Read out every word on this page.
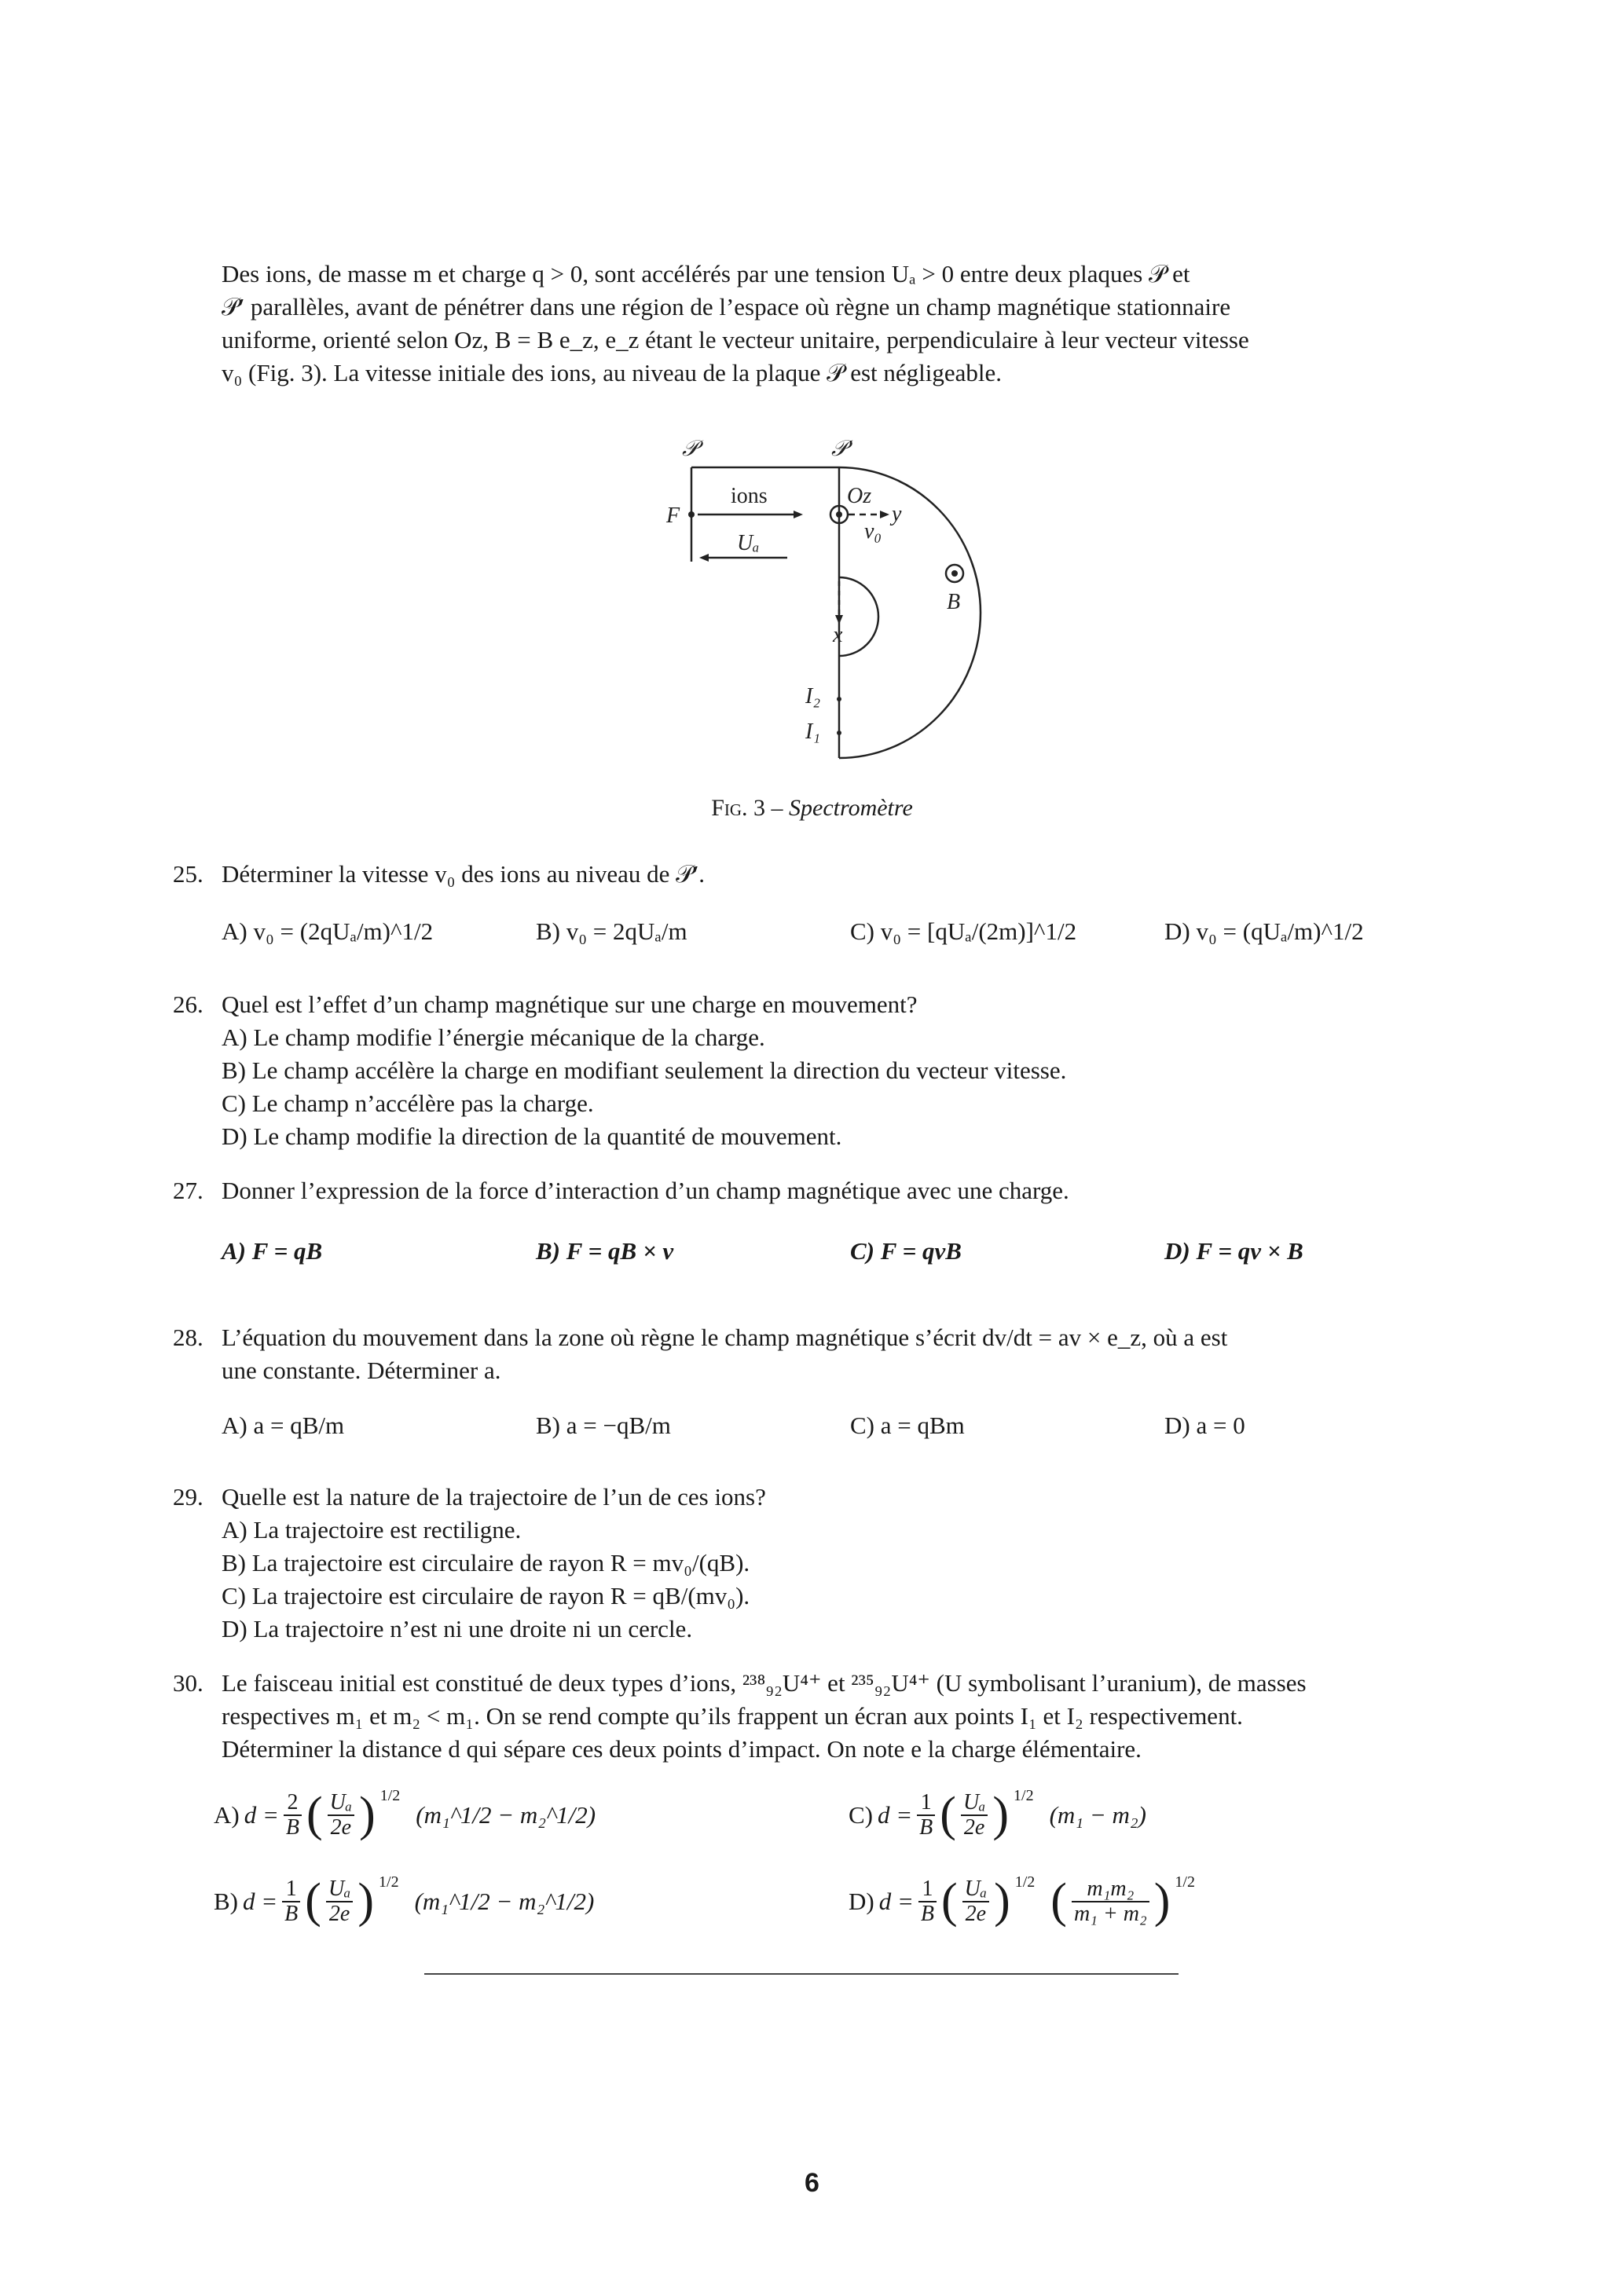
Des ions, de masse m et charge q > 0, sont accélérés par une tension Uₐ > 0 entre deux plaques 𝒫 et
𝒫′ parallèles, avant de pénétrer dans une région de l’espace où règne un champ magnétique stationnaire
uniforme, orienté selon Oz, B = B e_z, e_z étant le vecteur unitaire, perpendiculaire à leur vecteur vitesse
v₀ (Fig. 3). La vitesse initiale des ions, au niveau de la plaque 𝒫 est négligeable.
𝒫	𝒫′
F
ions
Uₐ
Oz
y
v₀
B
x
I₂
I₁
Fig. 3 – Spectromètre
25. Déterminer la vitesse v₀ des ions au niveau de 𝒫′.
A) v₀ = (2qUₐ/m)^1/2	B) v₀ = 2qUₐ/m	C) v₀ = [qUₐ/(2m)]^1/2	D) v₀ = (qUₐ/m)^1/2
26. Quel est l’effet d’un champ magnétique sur une charge en mouvement?
A) Le champ modifie l’énergie mécanique de la charge.
B) Le champ accélère la charge en modifiant seulement la direction du vecteur vitesse.
C) Le champ n’accélère pas la charge.
D) Le champ modifie la direction de la quantité de mouvement.
27. Donner l’expression de la force d’interaction d’un champ magnétique avec une charge.
A) F = qB	B) F = qB × v	C) F = qvB	D) F = qv × B
28. L’équation du mouvement dans la zone où règne le champ magnétique s’écrit dv/dt = av × e_z, où a est
une constante. Déterminer a.
A) a = qB/m	B) a = −qB/m	C) a = qBm	D) a = 0
29. Quelle est la nature de la trajectoire de l’un de ces ions?
A) La trajectoire est rectiligne.
B) La trajectoire est circulaire de rayon R = mv₀/(qB).
C) La trajectoire est circulaire de rayon R = qB/(mv₀).
D) La trajectoire n’est ni une droite ni un cercle.
30. Le faisceau initial est constitué de deux types d’ions, ²³⁸₉₂U⁴⁺ et ²³⁵₉₂U⁴⁺ (U symbolisant l’uranium), de masses
respectives m₁ et m₂ < m₁. On se rend compte qu’ils frappent un écran aux points I₁ et I₂ respectivement.
Déterminer la distance d qui sépare ces deux points d’impact. On note e la charge élémentaire.
A) $d = \frac{2}{B}$ ( $\frac{\text{Uₐ}}{2e}$ ) $^{1/2}$
(m₁^1/2 − m₂^1/2)
B) $d = \frac{1}{B}$ ( $\frac{\text{Uₐ}}{2e}$ ) $^{1/2}$
(m₁^1/2 − m₂^1/2)
C) $d = \frac{1}{B}$ ( $\frac{\text{Uₐ}}{2e}$ ) $^{1/2}$
(m₁ − m₂)
D) $d = \frac{1}{B}$ ( $\frac{\text{Uₐ}}{2e}$ ) $^{1/2}$ ( $\frac{\text{m₁m₂}}{\text{m₁ + m₂}}$ ) $^{1/2}$
6
